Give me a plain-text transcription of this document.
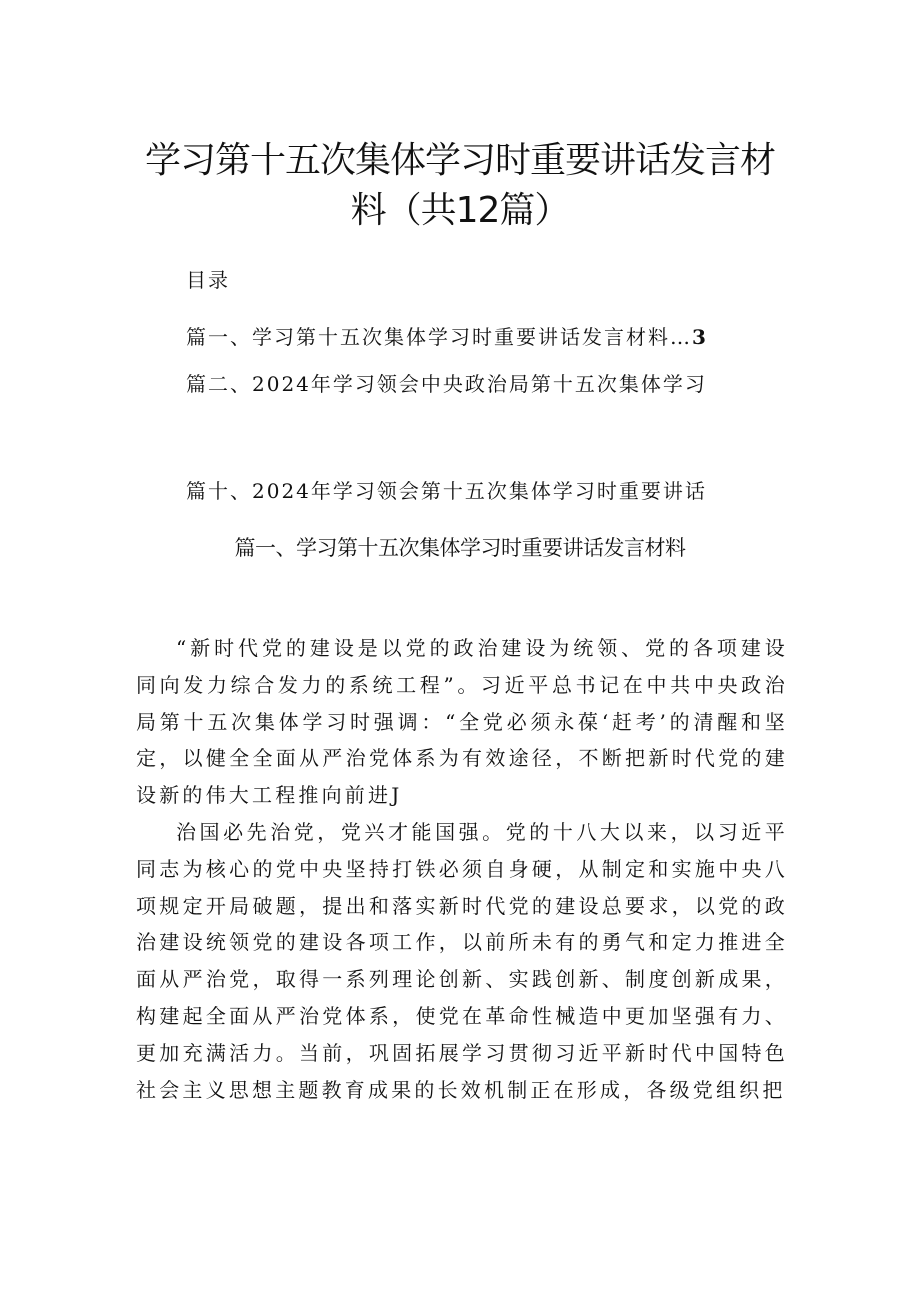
学习第十五次集体学习时重要讲话发言材料（共12篇）
目录
篇一、学习第十五次集体学习时重要讲话发言材料…3
篇二、2024年学习领会中央政治局第十五次集体学习
篇十、2024年学习领会第十五次集体学习时重要讲话
篇一、学习第十五次集体学习时重要讲话发言材料

“新时代党的建设是以党的政治建设为统领、党的各项建设同向发力综合发力的系统工程”。习近平总书记在中共中央政治局第十五次集体学习时强调：“全党必须永葆‘赶考’的清醒和坚定，以健全全面从严治党体系为有效途径，不断把新时代党的建设新的伟大工程推向前进J

治国必先治党，党兴才能国强。党的十八大以来，以习近平同志为核心的党中央坚持打铁必须自身硬，从制定和实施中央八项规定开局破题，提出和落实新时代党的建设总要求，以党的政治建设统领党的建设各项工作，以前所未有的勇气和定力推进全面从严治党，取得一系列理论创新、实践创新、制度创新成果，构建起全面从严治党体系，使党在革命性械造中更加坚强有力、更加充满活力。当前，巩固拓展学习贯彻习近平新时代中国特色社会主义思想主题教育成果的长效机制正在形成，各级党组织把
